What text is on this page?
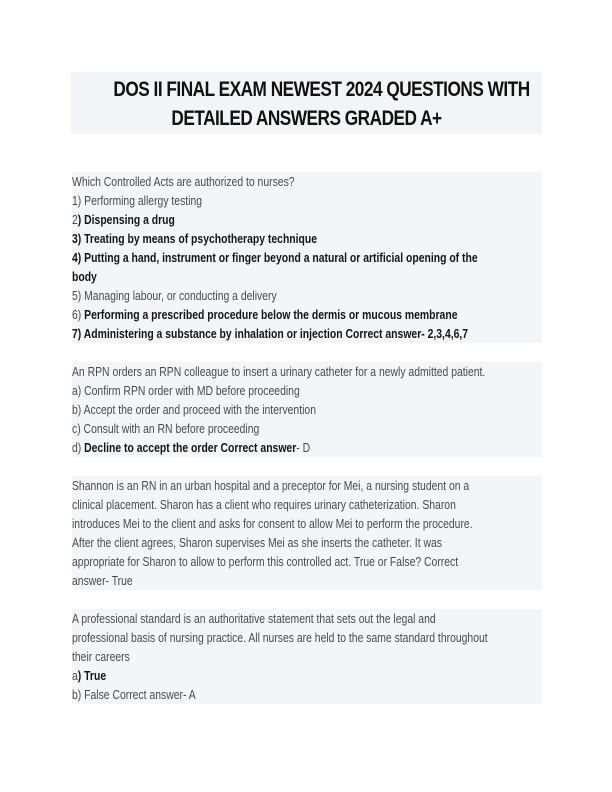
DOS II FINAL EXAM NEWEST 2024 QUESTIONS WITH
DETAILED ANSWERS GRADED A+
Which Controlled Acts are authorized to nurses?
1) Performing allergy testing
2) Dispensing a drug
3) Treating by means of psychotherapy technique
4) Putting a hand, instrument or finger beyond a natural or artificial opening of the
body
5) Managing labour, or conducting a delivery
6) Performing a prescribed procedure below the dermis or mucous membrane
7) Administering a substance by inhalation or injection Correct answer- 2,3,4,6,7
An RPN orders an RPN colleague to insert a urinary catheter for a newly admitted patient.
a) Confirm RPN order with MD before proceeding
b) Accept the order and proceed with the intervention
c) Consult with an RN before proceeding
d) Decline to accept the order Correct answer- D
Shannon is an RN in an urban hospital and a preceptor for Mei, a nursing student on a
clinical placement. Sharon has a client who requires urinary catheterization. Sharon
introduces Mei to the client and asks for consent to allow Mei to perform the procedure.
After the client agrees, Sharon supervises Mei as she inserts the catheter. It was
appropriate for Sharon to allow to perform this controlled act. True or False? Correct
answer- True
A professional standard is an authoritative statement that sets out the legal and
professional basis of nursing practice. All nurses are held to the same standard throughout
their careers
a) True
b) False Correct answer- A
